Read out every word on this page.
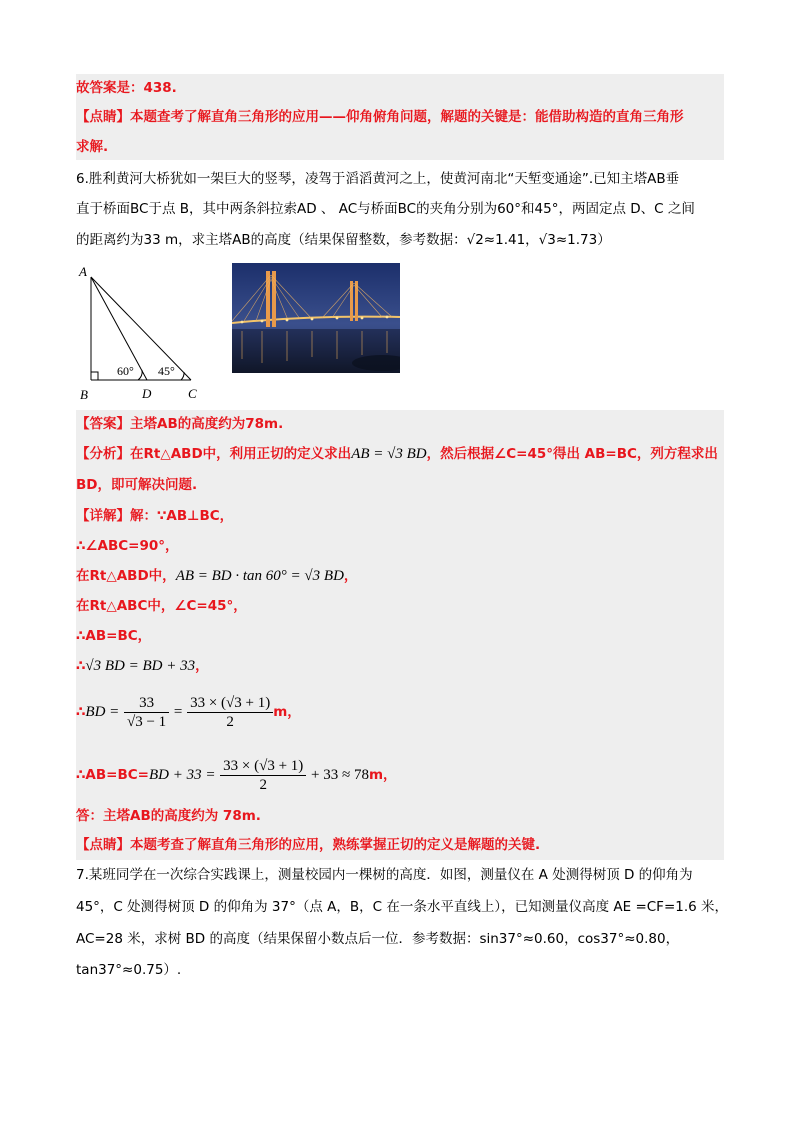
故答案是：438.
【点睛】本题查考了解直角三角形的应用——仰角俯角问题，解题的关键是：能借助构造的直角三角形
求解.
6.胜利黄河大桥犹如一架巨大的竖琴，凌驾于滔滔黄河之上，使黄河南北“天堑变通途”.已知主塔AB垂
直于桥面BC于点 B，其中两条斜拉索AD 、 AC与桥面BC的夹角分别为60°和45°，两固定点 D、C 之间
的距离约为33 m，求主塔AB的高度（结果保留整数，参考数据：√2≈1.41，√3≈1.73）
A
B	D	C
60° 45°
【答案】主塔AB的高度约为78m.
【分析】在Rt△ABD中，利用正切的定义求出AB = √3 BD，然后根据∠C=45°得出 AB=BC，列方程求出
BD，即可解决问题.
【详解】解：∵AB⊥BC，
∴∠ABC=90°，
在Rt△ABD中，AB = BD · tan 60° = √3 BD，
在Rt△ABC中，∠C=45°，
∴AB=BC，
∴√3 BD = BD + 33，
∴BD = $\frac{33}{√3 - 1} = \frac{33 \times (√3 + 1)}{2}$ m，
∴AB=BC=BD + $33 = \frac{33 \times (√3 + 1)}{2} + 33 \approx 78m$，
答：主塔AB的高度约为 78m.
【点睛】本题考查了解直角三角形的应用，熟练掌握正切的定义是解题的关键.
7.某班同学在一次综合实践课上，测量校园内一棵树的高度．如图，测量仪在 A 处测得树顶 D 的仰角为
45°，C 处测得树顶 D 的仰角为 37°（点 A，B，C 在一条水平直线上），已知测量仪高度 AE =CF=1.6 米，
AC=28 米，求树 BD 的高度（结果保留小数点后一位．参考数据：sin37°≈0.60，cos37°≈0.80，
tan37°≈0.75）.
